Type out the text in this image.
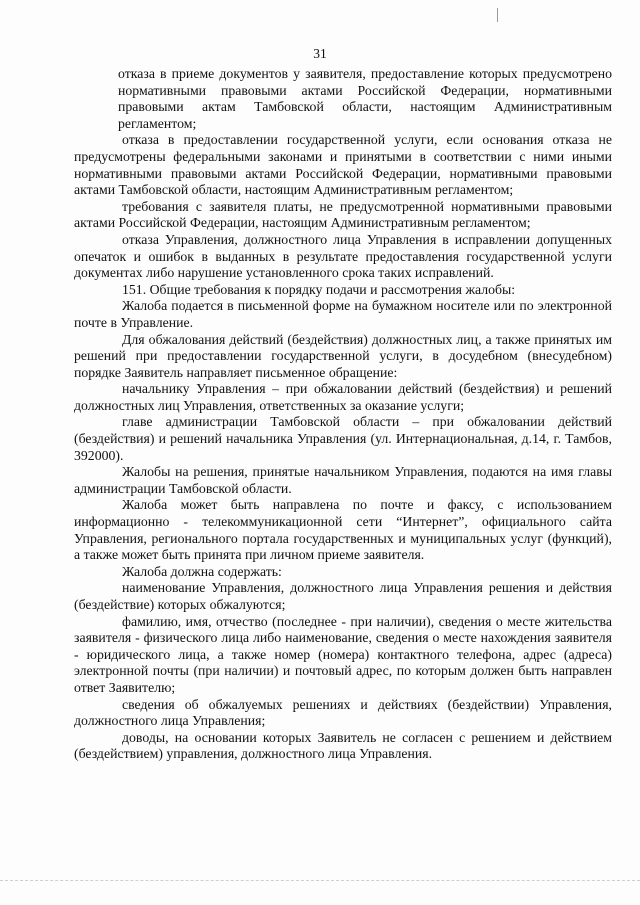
31

отказа в приеме документов у заявителя, предоставление которых предусмотрено нормативными правовыми актами Российской Федерации, нормативными правовыми актам Тамбовской области, настоящим Административным регламентом;

отказа в предоставлении государственной услуги, если основания отказа не предусмотрены федеральными законами и принятыми в соответствии с ними иными нормативными правовыми актами Российской Федерации, нормативными правовыми актами Тамбовской области, настоящим Административным регламентом;

требования с заявителя платы, не предусмотренной нормативными правовыми актами Российской Федерации, настоящим Административным регламентом;

отказа Управления, должностного лица Управления в исправлении допущенных опечаток и ошибок в выданных в результате предоставления государственной услуги документах либо нарушение установленного срока таких исправлений.

151. Общие требования к порядку подачи и рассмотрения жалобы:

Жалоба подается в письменной форме на бумажном носителе или по электронной почте в Управление.

Для обжалования действий (бездействия) должностных лиц, а также принятых им решений при предоставлении государственной услуги, в досудебном (внесудебном) порядке Заявитель направляет письменное обращение:

начальнику Управления – при обжаловании действий (бездействия) и решений должностных лиц Управления, ответственных за оказание услуги;

главе администрации Тамбовской области – при обжаловании действий (бездействия) и решений начальника Управления (ул. Интернациональная, д.14, г. Тамбов, 392000).

Жалобы на решения, принятые начальником Управления, подаются на имя главы администрации Тамбовской области.

Жалоба может быть направлена по почте и факсу, с использованием информационно - телекоммуникационной сети “Интернет”, официального сайта Управления, регионального портала государственных и муниципальных услуг (функций), а также может быть принята при личном приеме заявителя.

Жалоба должна содержать:

наименование Управления, должностного лица Управления решения и действия (бездействие) которых обжалуются;

фамилию, имя, отчество (последнее - при наличии), сведения о месте жительства заявителя - физического лица либо наименование, сведения о месте нахождения заявителя - юридического лица, а также номер (номера) контактного телефона, адрес (адреса) электронной почты (при наличии) и почтовый адрес, по которым должен быть направлен ответ Заявителю;

сведения об обжалуемых решениях и действиях (бездействии) Управления, должностного лица Управления;

доводы, на основании которых Заявитель не согласен с решением и действием (бездействием) управления, должностного лица Управления.
